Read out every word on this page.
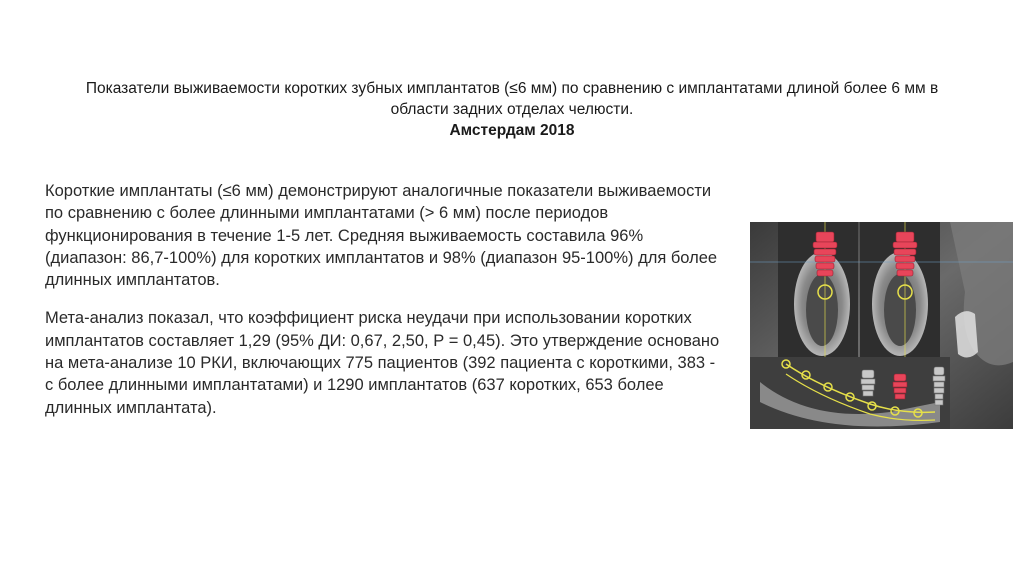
Показатели выживаемости коротких зубных имплантатов (≤6 мм) по сравнению с имплантатами длиной более 6 мм в области задних отделах челюсти.
Амстердам 2018

Короткие имплантаты (≤6 мм) демонстрируют аналогичные показатели выживаемости по сравнению с более длинными имплантатами (> 6 мм) после периодов функционирования в течение 1-5 лет. Средняя выживаемость составила 96% (диапазон: 86,7-100%) для коротких имплантатов и 98% (диапазон 95-100%) для более длинных имплантатов.

Мета-анализ показал, что коэффициент риска неудачи при использовании коротких имплантатов составляет 1,29 (95% ДИ: 0,67, 2,50, Р = 0,45). Это утверждение основано на мета-анализе 10 РКИ, включающих 775 пациентов (392 пациента с короткими, 383 - с более длинными имплантатами) и 1290 имплантатов (637 коротких, 653 более длинных имплантата).
